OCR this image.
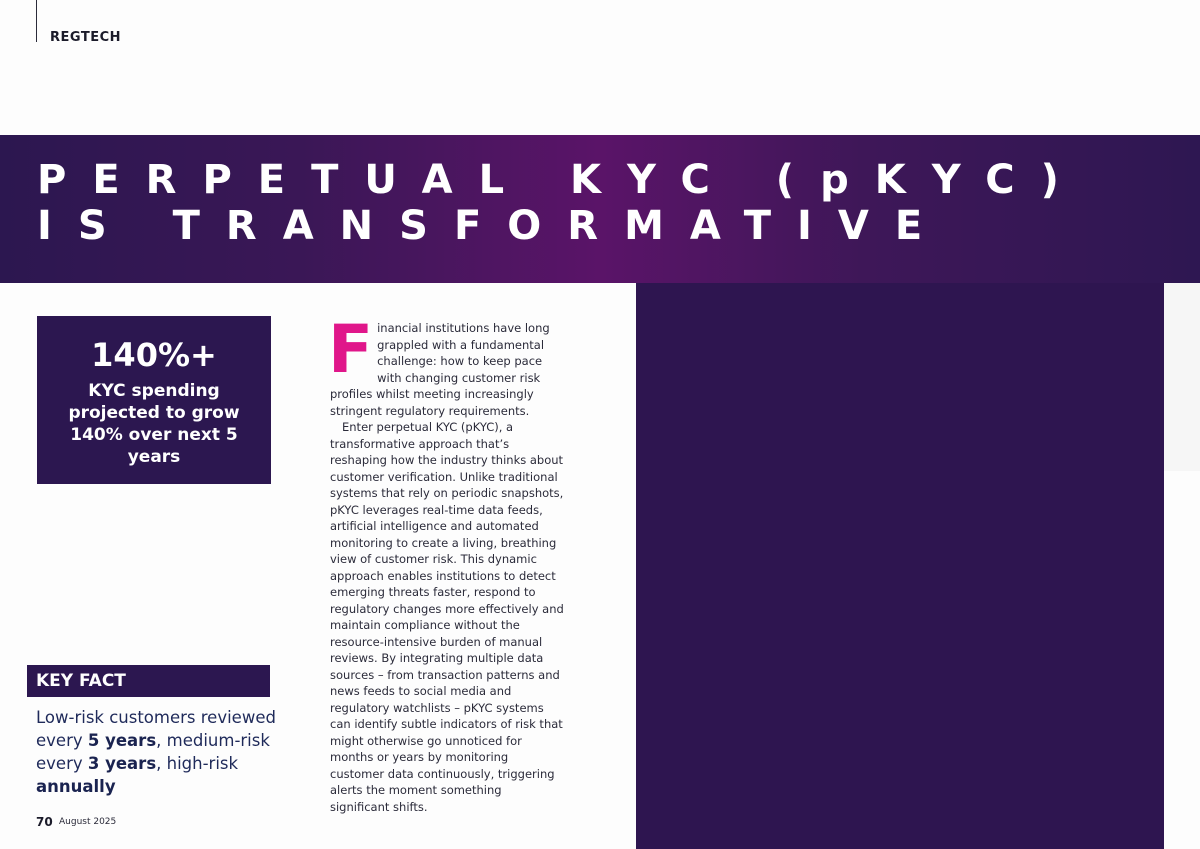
REGTECH
PERPETUAL KYC (pKYC)
IS TRANSFORMATIVE
140%+
KYC spending projected to grow 140% over next 5 years
KEY FACT
Low-risk customers reviewed every 5 years, medium-risk every 3 years, high-risk annually

Financial institutions have long grappled with a fundamental challenge: how to keep pace with changing customer risk profiles whilst meeting increasingly stringent regulatory requirements.

Enter perpetual KYC (pKYC), a transformative approach that’s reshaping how the industry thinks about customer verification. Unlike traditional systems that rely on periodic snapshots, pKYC leverages real-time data feeds, artificial intelligence and automated monitoring to create a living, breathing view of customer risk. This dynamic approach enables institutions to detect emerging threats faster, respond to regulatory changes more effectively and maintain compliance without the resource-intensive burden of manual reviews. By integrating multiple data sources – from transaction patterns and news feeds to social media and regulatory watchlists – pKYC systems can identify subtle indicators of risk that might otherwise go unnoticed for months or years by monitoring customer data continuously, triggering alerts the moment something significant shifts.

70 August 2025
